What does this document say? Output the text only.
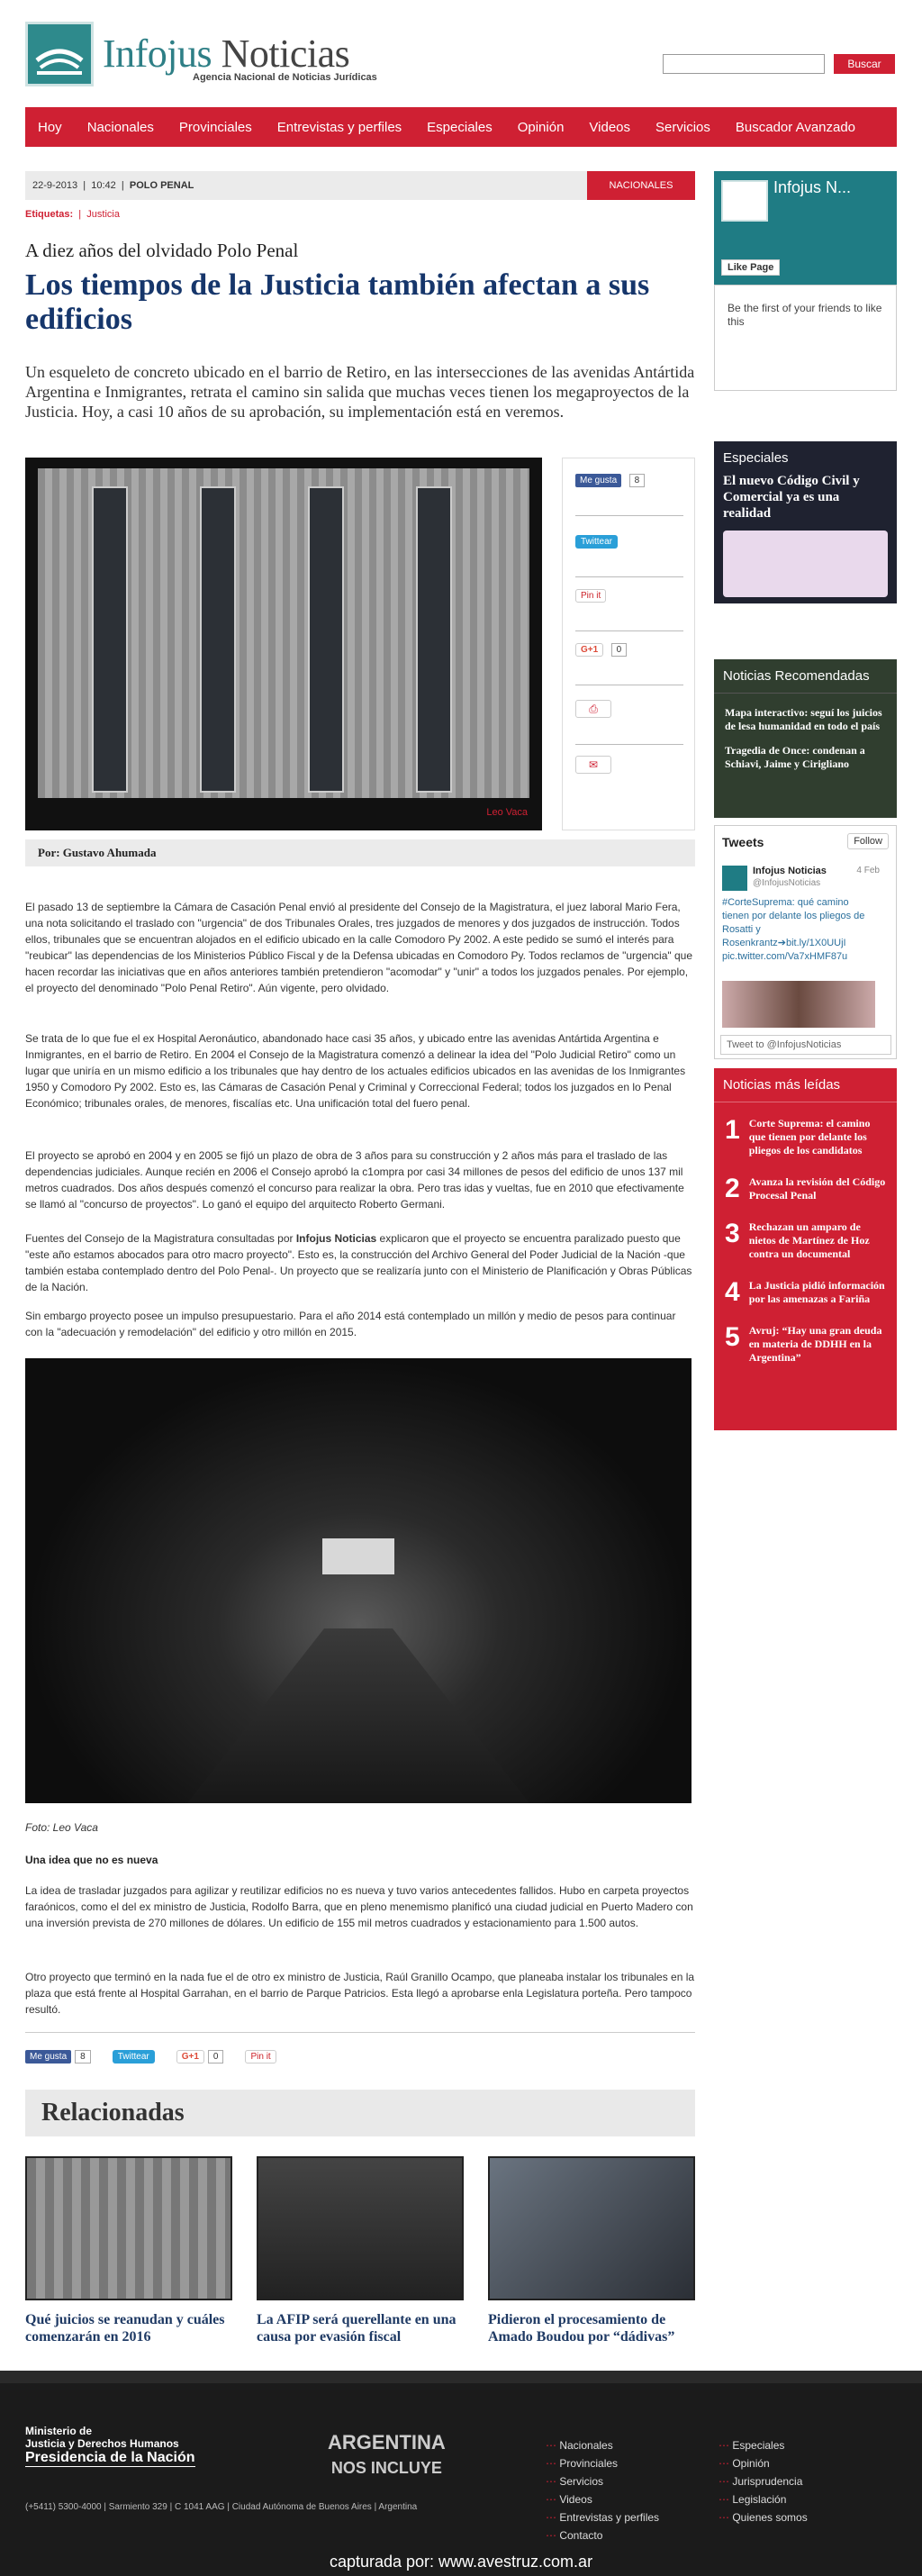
Infojus Noticias
Agencia Nacional de Noticias Jurídicas
Buscar
Hoy Nacionales Provinciales Entrevistas y perfiles Especiales Opinión Videos Servicios Buscador Avanzado
22-9-2013  |  10:42  |  POLO PENAL	NACIONALES
Etiquetas:  |  Justicia
A diez años del olvidado Polo Penal
Los tiempos de la Justicia también afectan a sus edificios

Un esqueleto de concreto ubicado en el barrio de Retiro, en las intersecciones de las avenidas Antártida Argentina e Inmigrantes, retrata el camino sin salida que muchas veces tienen los megaproyectos de la Justicia. Hoy, a casi 10 años de su aprobación, su implementación está en veremos.

Leo Vaca
Me gusta 8
Twittear
Pin it
G+1 0
⎙
✉
Por: Gustavo Ahumada

El pasado 13 de septiembre la Cámara de Casación Penal envió al presidente del Consejo de la Magistratura, el juez laboral Mario Fera, una nota solicitando el traslado con "urgencia" de dos Tribunales Orales, tres juzgados de menores y dos juzgados de instrucción. Todos ellos, tribunales que se encuentran alojados en el edificio ubicado en la calle Comodoro Py 2002. A este pedido se sumó el interés para "reubicar" las dependencias de los Ministerios Público Fiscal y de la Defensa ubicadas en Comodoro Py. Todos reclamos de "urgencia" que hacen recordar las iniciativas que en años anteriores también pretendieron "acomodar" y "unir" a todos los juzgados penales. Por ejemplo, el proyecto del denominado "Polo Penal Retiro". Aún vigente, pero olvidado.

Se trata de lo que fue el ex Hospital Aeronáutico, abandonado hace casi 35 años, y ubicado entre las avenidas Antártida Argentina e Inmigrantes, en el barrio de Retiro. En 2004 el Consejo de la Magistratura comenzó a delinear la idea del "Polo Judicial Retiro" como un lugar que uniría en un mismo edificio a los tribunales que hay dentro de los actuales edificios ubicados en las avenidas de los Inmigrantes 1950 y Comodoro Py 2002. Esto es, las Cámaras de Casación Penal y Criminal y Correccional Federal; todos los juzgados en lo Penal Económico; tribunales orales, de menores, fiscalías etc. Una unificación total del fuero penal.

El proyecto se aprobó en 2004 y en 2005 se fijó un plazo de obra de 3 años para su construcción y 2 años más para el traslado de las dependencias judiciales. Aunque recién en 2006 el Consejo aprobó la c1ompra por casi 34 millones de pesos del edificio de unos 137 mil metros cuadrados. Dos años después comenzó el concurso para realizar la obra. Pero tras idas y vueltas, fue en 2010 que efectivamente se llamó al "concurso de proyectos". Lo ganó el equipo del arquitecto Roberto Germani.

Fuentes del Consejo de la Magistratura consultadas por Infojus Noticias explicaron que el proyecto se encuentra paralizado puesto que "este año estamos abocados para otro macro proyecto". Esto es, la construcción del Archivo General del Poder Judicial de la Nación -que también estaba contemplado dentro del Polo Penal-. Un proyecto que se realizaría junto con el Ministerio de Planificación y Obras Públicas de la Nación.

Sin embargo proyecto posee un impulso presupuestario. Para el año 2014 está contemplado un millón y medio de pesos para continuar con la "adecuación y remodelación" del edificio y otro millón en 2015.

Foto: Leo Vaca
Una idea que no es nueva

La idea de trasladar juzgados para agilizar y reutilizar edificios no es nueva y tuvo varios antecedentes fallidos. Hubo en carpeta proyectos faraónicos, como el del ex ministro de Justicia, Rodolfo Barra, que en pleno menemismo planificó una ciudad judicial en Puerto Madero con una inversión prevista de 270 millones de dólares. Un edificio de 155 mil metros cuadrados y estacionamiento para 1.500 autos.

Otro proyecto que terminó en la nada fue el de otro ex ministro de Justicia, Raúl Granillo Ocampo, que planeaba instalar los tribunales en la plaza que está frente al Hospital Garrahan, en el barrio de Parque Patricios. Esta llegó a aprobarse enla Legislatura porteña. Pero tampoco resultó.

Me gusta 8	Twittear	G+1 0	Pin it
Relacionadas
Qué juicios se reanudan y cuáles comenzarán en 2016
La AFIP será querellante en una causa por evasión fiscal
Pidieron el procesamiento de Amado Boudou por “dádivas”
Infojus N...
Like Page
Be the first of your friends to like this
Especiales
El nuevo Código Civil y Comercial ya es una realidad
Noticias Recomendadas
Mapa interactivo: seguí los juicios de lesa humanidad en todo el país
Tragedia de Once: condenan a Schiavi, Jaime y Cirigliano
Tweets	Follow
Infojus Noticias
@InfojusNoticias
4 Feb
#CorteSuprema: qué camino tienen por delante los pliegos de Rosatti y Rosenkrantz➔bit.ly/1X0UUjI pic.twitter.com/Va7xHMF87u
Tweet to @InfojusNoticias
Noticias más leídas
1 Corte Suprema: el camino que tienen por delante los pliegos de los candidatos
2 Avanza la revisión del Código Procesal Penal
3 Rechazan un amparo de nietos de Martínez de Hoz contra un documental
4 La Justicia pidió información por las amenazas a Fariña
5 Avruj: “Hay una gran deuda en materia de DDHH en la Argentina”
Ministerio de
Justicia y Derechos Humanos
Presidencia de la Nación
ARGENTINA
NOS INCLUYE
(+5411) 5300-4000 | Sarmiento 329 | C 1041 AAG | Ciudad Autónoma de Buenos Aires | Argentina
⋯ Nacionales
⋯ Provinciales
⋯ Servicios
⋯ Videos
⋯ Entrevistas y perfiles
⋯ Contacto
⋯ Especiales
⋯ Opinión
⋯ Jurisprudencia
⋯ Legislación
⋯ Quienes somos
capturada por: www.avestruz.com.ar
